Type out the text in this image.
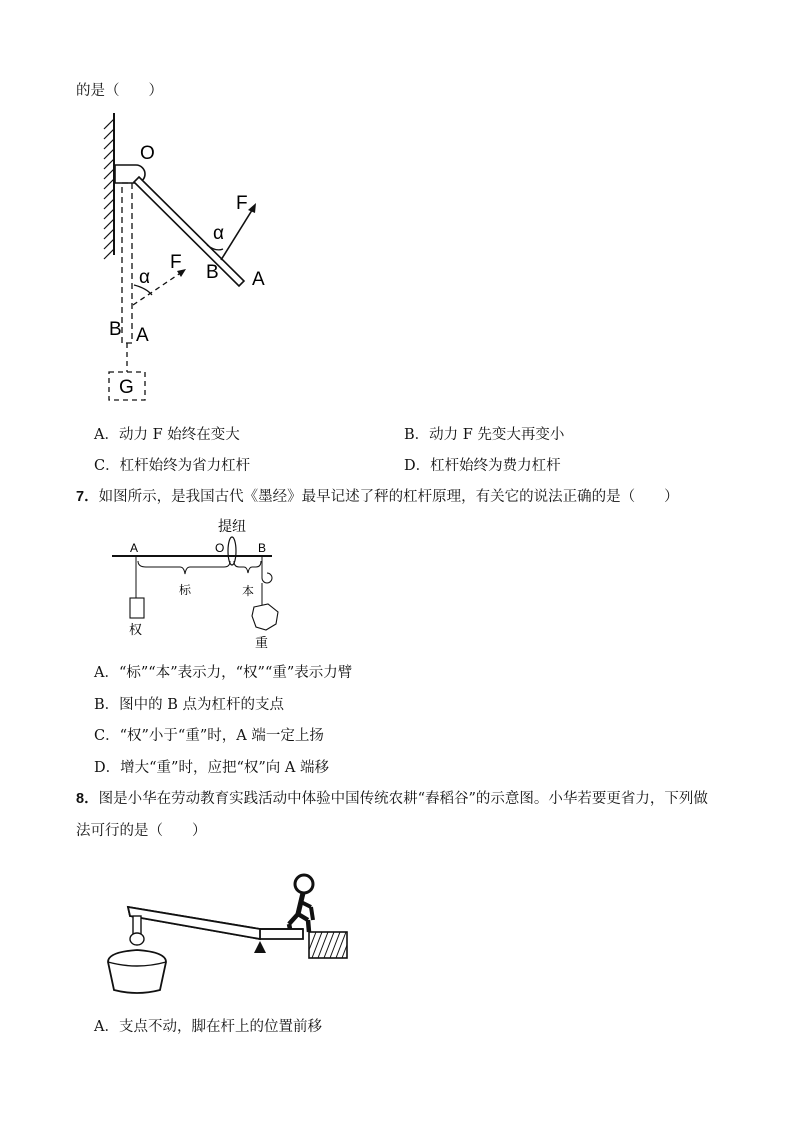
的是（　　）
O
F
α
B A
F
α
B A
G
A．动力 F 始终在变大	B．动力 F 先变大再变小
C．杠杆始终为省力杠杆	D．杠杆始终为费力杠杆
7．如图所示，是我国古代《墨经》最早记述了秤的杠杆原理，有关它的说法正确的是（　　）
提纽
A	O	B
标	本
权
重
A．“标”“本”表示力，“权”“重”表示力臂
B．图中的 B 点为杠杆的支点
C．“权”小于“重”时，A 端一定上扬
D．增大“重”时，应把“权”向 A 端移
8．图是小华在劳动教育实践活动中体验中国传统农耕“舂稻谷”的示意图。小华若要更省力，下列做
法可行的是（　　）
A．支点不动，脚在杆上的位置前移
